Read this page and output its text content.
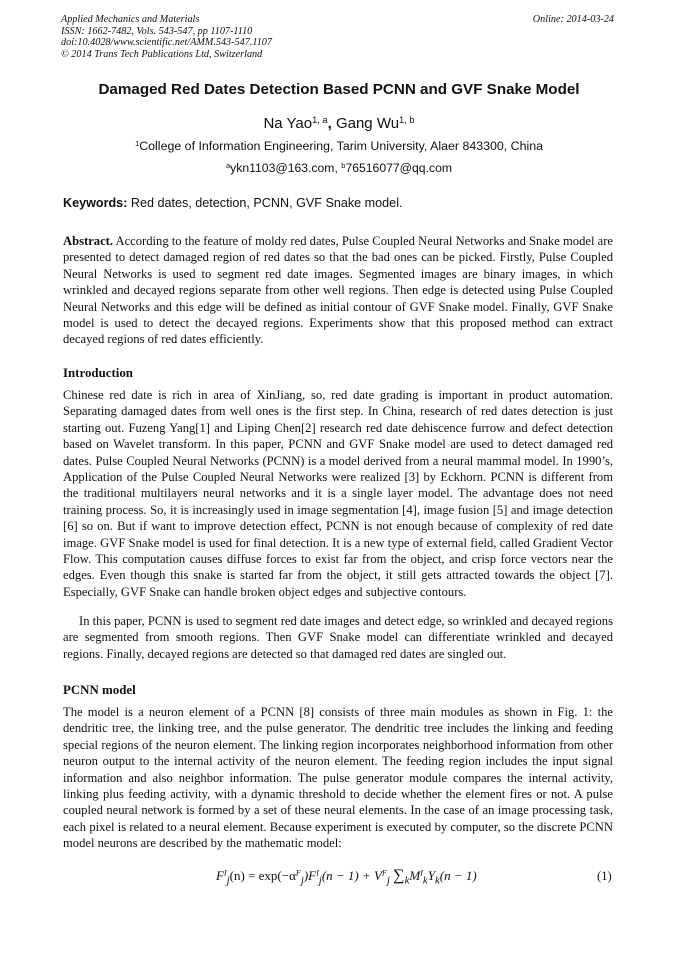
Applied Mechanics and Materials
ISSN: 1662-7482, Vols. 543-547, pp 1107-1110
doi:10.4028/www.scientific.net/AMM.543-547.1107
© 2014 Trans Tech Publications Ltd, Switzerland
Online: 2014-03-24
Damaged Red Dates Detection Based PCNN and GVF Snake Model
Na Yao$^{1, a}$, Gang Wu$^{1, b}$
$^1$College of Information Engineering, Tarim University, Alaer 843300, China
$^a$ykn1103@163.com, $^b$76516077@qq.com
Keywords: Red dates, detection, PCNN, GVF Snake model.

Abstract. According to the feature of moldy red dates, Pulse Coupled Neural Networks and Snake model are presented to detect damaged region of red dates so that the bad ones can be picked. Firstly, Pulse Coupled Neural Networks is used to segment red date images. Segmented images are binary images, in which wrinkled and decayed regions separate from other well regions. Then edge is detected using Pulse Coupled Neural Networks and this edge will be defined as initial contour of GVF Snake model. Finally, GVF Snake model is used to detect the decayed regions. Experiments show that this proposed method can extract decayed regions of red dates efficiently.

Introduction

Chinese red date is rich in area of XinJiang, so, red date grading is important in product automation. Separating damaged dates from well ones is the first step. In China, research of red dates detection is just starting out. Fuzeng Yang[1] and Liping Chen[2] research red date dehiscence furrow and defect detection based on Wavelet transform. In this paper, PCNN and GVF Snake model are used to detect damaged red dates. Pulse Coupled Neural Networks (PCNN) is a model derived from a neural mammal model. In 1990’s, Application of the Pulse Coupled Neural Networks were realized [3] by Eckhorn. PCNN is different from the traditional multilayers neural networks and it is a single layer model. The advantage does not need training process. So, it is increasingly used in image segmentation [4], image fusion [5] and image detection [6] so on. But if want to improve detection effect, PCNN is not enough because of complexity of red date image. GVF Snake model is used for final detection. It is a new type of external field, called Gradient Vector Flow. This computation causes diffuse forces to exist far from the object, and crisp force vectors near the edges. Even though this snake is started far from the object, it still gets attracted towards the object [7]. Especially, GVF Snake can handle broken object edges and subjective contours.

In this paper, PCNN is used to segment red date images and detect edge, so wrinkled and decayed regions are segmented from smooth regions. Then GVF Snake model can differentiate wrinkled and decayed regions. Finally, decayed regions are detected so that damaged red dates are singled out.

PCNN model

The model is a neuron element of a PCNN [8] consists of three main modules as shown in Fig. 1: the dendritic tree, the linking tree, and the pulse generator. The dendritic tree includes the linking and feeding special regions of the neuron element. The linking region incorporates neighborhood information from other neuron output to the internal activity of the neuron element. The feeding region includes the input signal information and also neighbor information. The pulse generator module compares the internal activity, linking plus feeding activity, with a dynamic threshold to decide whether the element fires or not. A pulse coupled neural network is formed by a set of these neural elements. In the case of an image processing task, each pixel is related to a neural element. Because experiment is executed by computer, so the discrete PCNN model neurons are described by the mathematic model:

$F^I_j(n) = \exp(-\alpha^F_j)F^I_j(n - 1) + V^F_j$ $\sum_kM^I_kY_k(n - 1)$	(1)
